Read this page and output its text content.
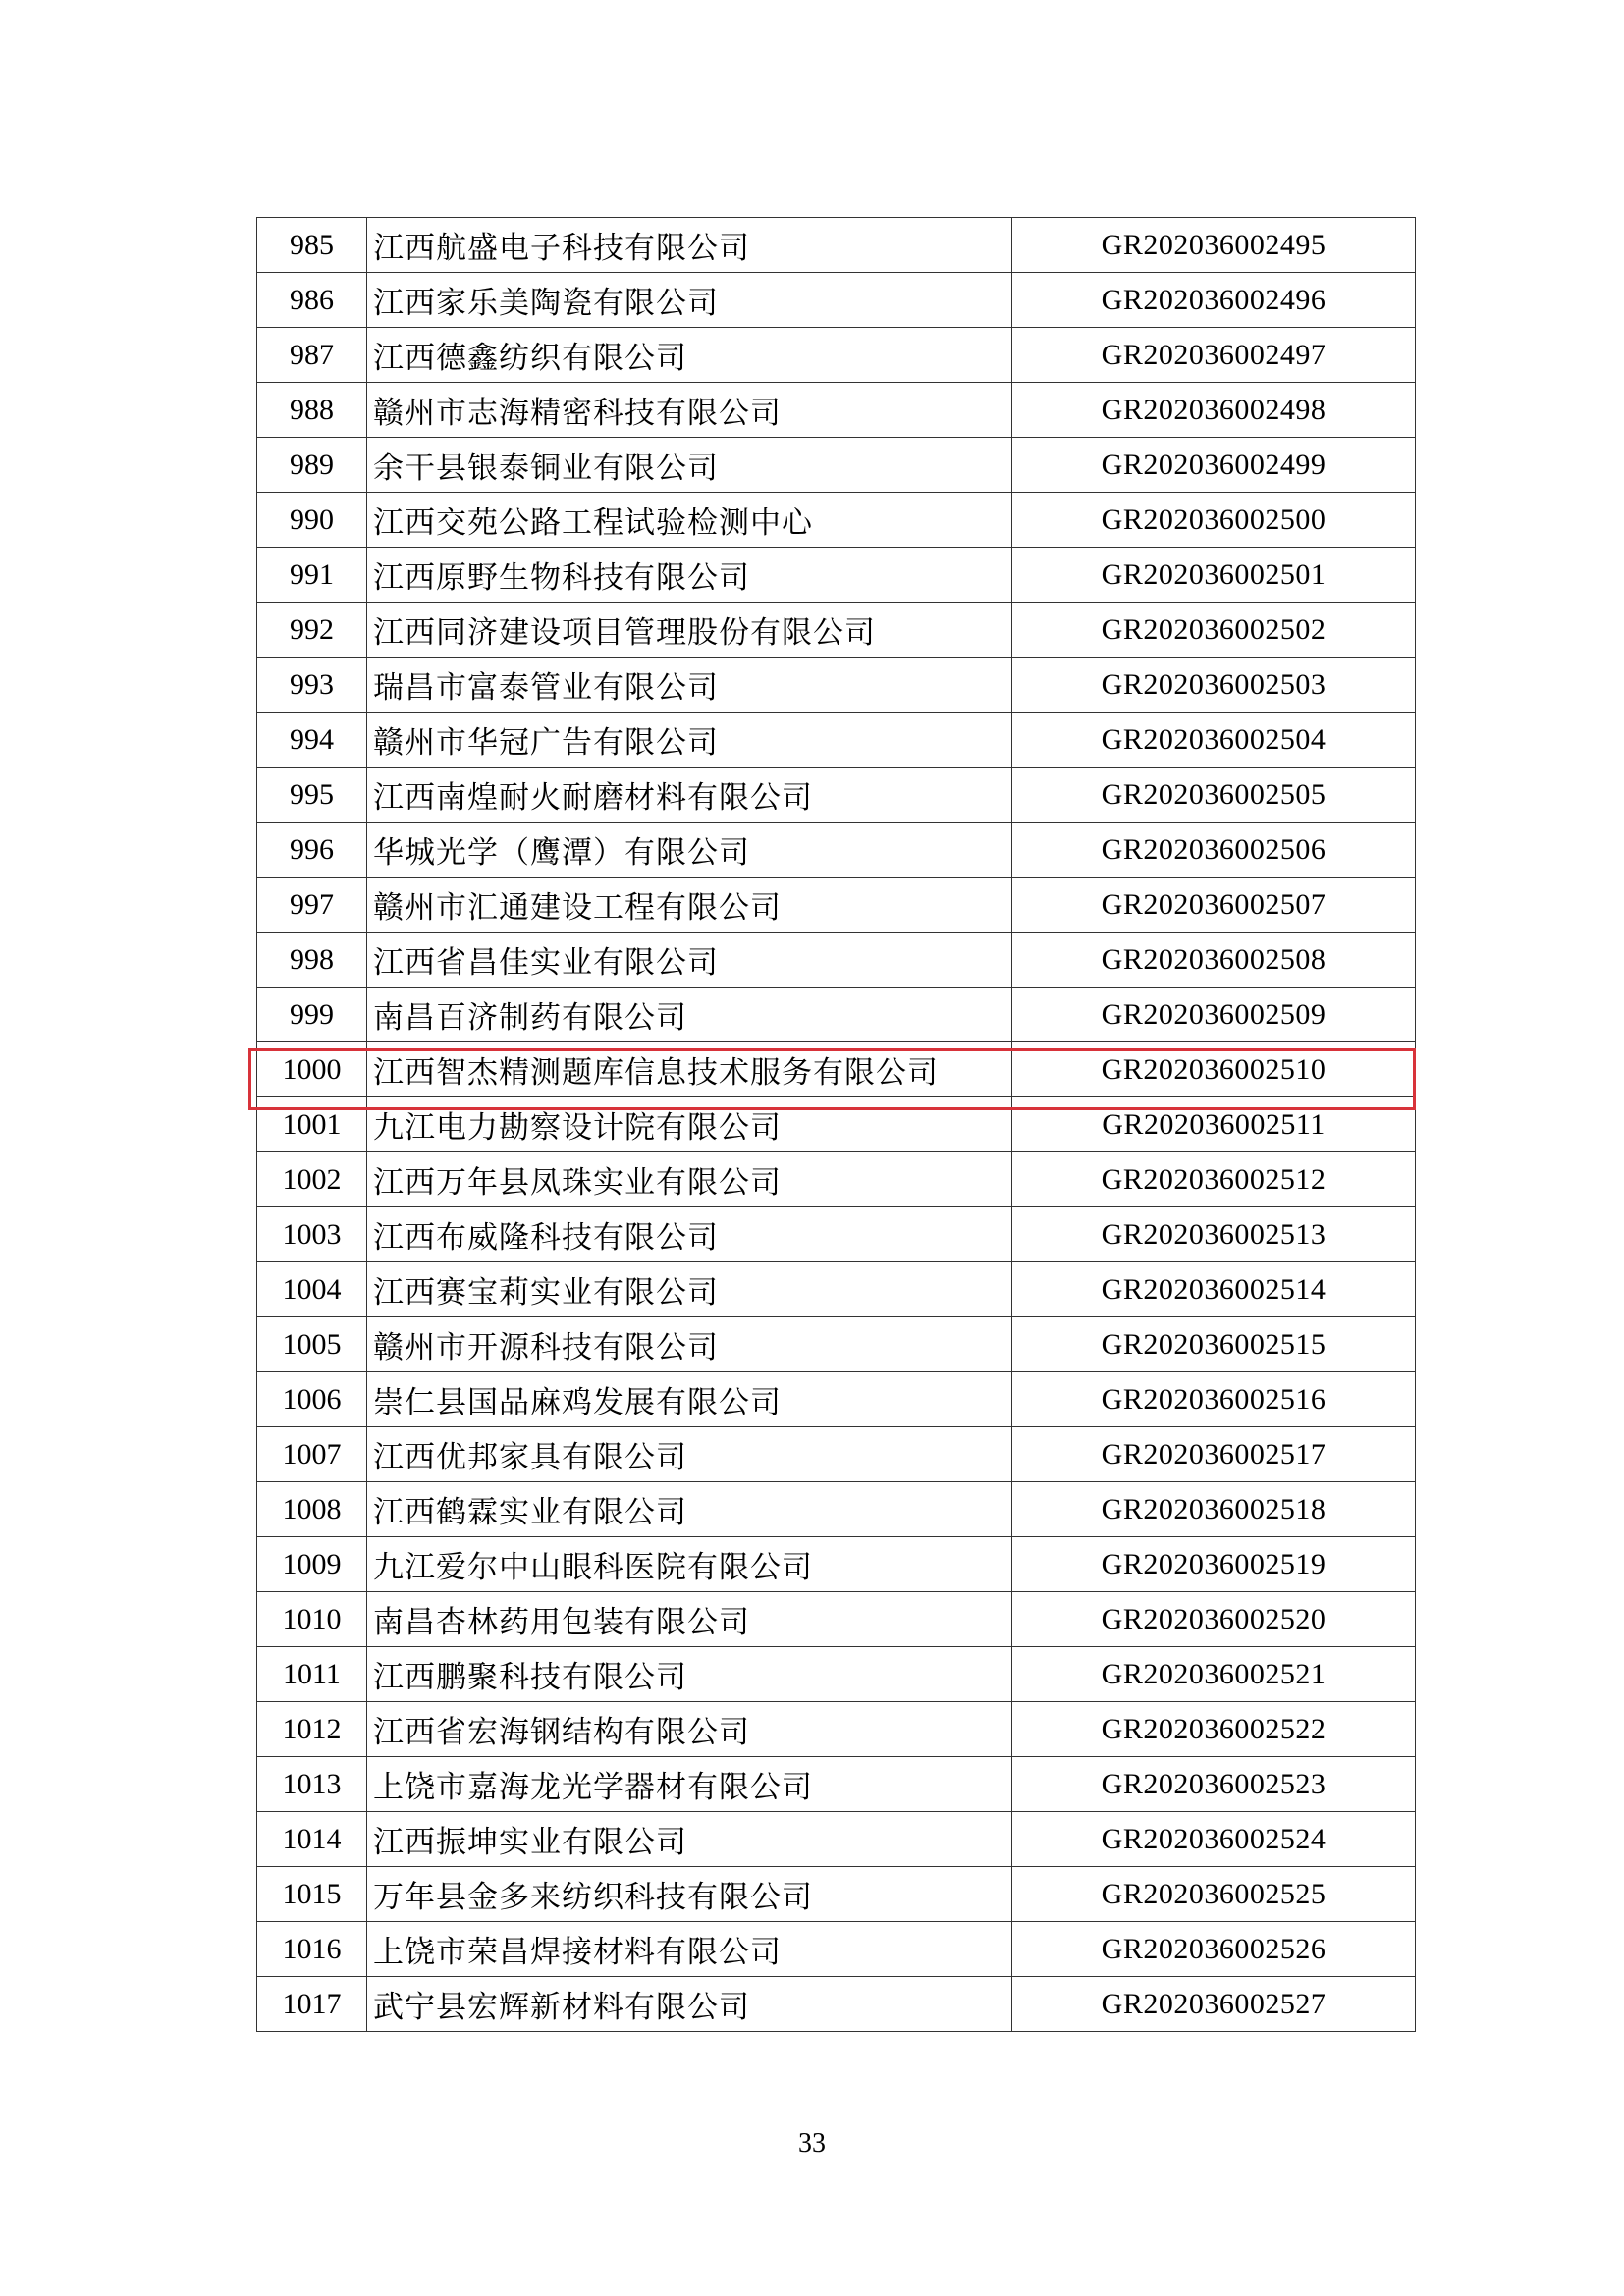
985	江西航盛电子科技有限公司	GR202036002495
986	江西家乐美陶瓷有限公司	GR202036002496
987	江西德鑫纺织有限公司	GR202036002497
988	赣州市志海精密科技有限公司	GR202036002498
989	余干县银泰铜业有限公司	GR202036002499
990	江西交苑公路工程试验检测中心	GR202036002500
991	江西原野生物科技有限公司	GR202036002501
992	江西同济建设项目管理股份有限公司	GR202036002502
993	瑞昌市富泰管业有限公司	GR202036002503
994	赣州市华冠广告有限公司	GR202036002504
995	江西南煌耐火耐磨材料有限公司	GR202036002505
996	华城光学（鹰潭）有限公司	GR202036002506
997	赣州市汇通建设工程有限公司	GR202036002507
998	江西省昌佳实业有限公司	GR202036002508
999	南昌百济制药有限公司	GR202036002509
1000	江西智杰精测题库信息技术服务有限公司	GR202036002510
1001	九江电力勘察设计院有限公司	GR202036002511
1002	江西万年县凤珠实业有限公司	GR202036002512
1003	江西布威隆科技有限公司	GR202036002513
1004	江西赛宝莉实业有限公司	GR202036002514
1005	赣州市开源科技有限公司	GR202036002515
1006	崇仁县国品麻鸡发展有限公司	GR202036002516
1007	江西优邦家具有限公司	GR202036002517
1008	江西鹤霖实业有限公司	GR202036002518
1009	九江爱尔中山眼科医院有限公司	GR202036002519
1010	南昌杏林药用包装有限公司	GR202036002520
1011	江西鹏聚科技有限公司	GR202036002521
1012	江西省宏海钢结构有限公司	GR202036002522
1013	上饶市嘉海龙光学器材有限公司	GR202036002523
1014	江西振坤实业有限公司	GR202036002524
1015	万年县金多来纺织科技有限公司	GR202036002525
1016	上饶市荣昌焊接材料有限公司	GR202036002526
1017	武宁县宏辉新材料有限公司	GR202036002527
33
